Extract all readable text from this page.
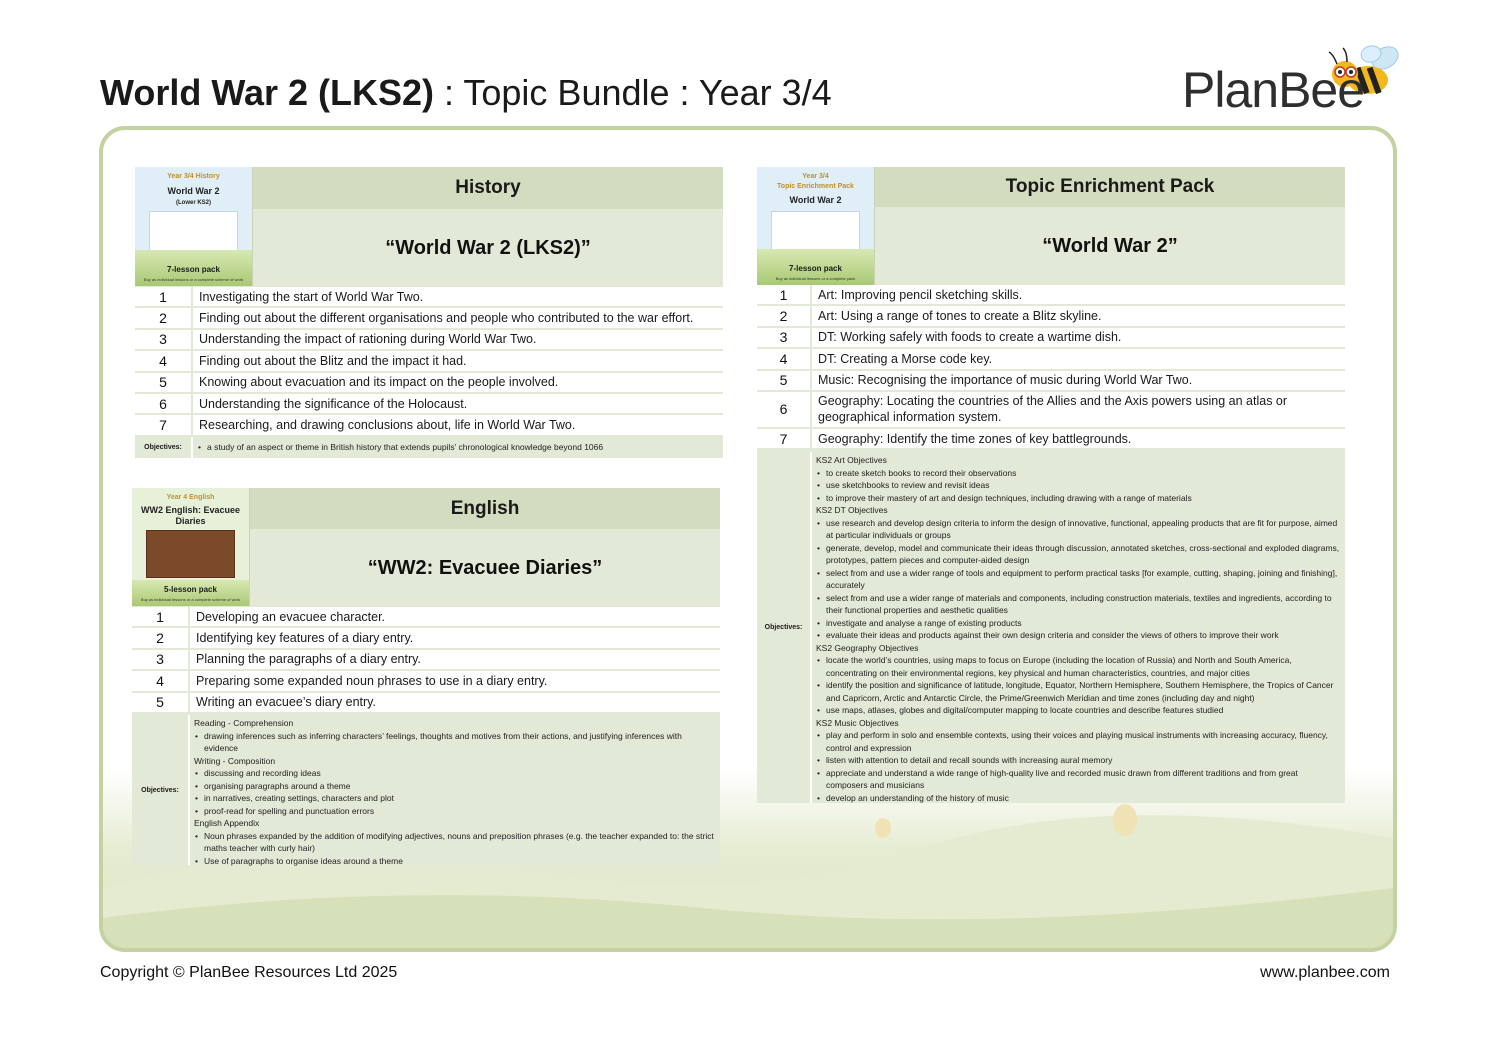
World War 2 (LKS2) : Topic Bundle : Year 3/4	PlanBee
Year 3/4 History
World War 2
(Lower KS2)
7-lesson pack
Buy as individual lessons or a complete scheme of work
History
“World War 2 (LKS2)”
1	Investigating the start of World War Two.
2	Finding out about the different organisations and people who contributed to the war effort.
3	Understanding the impact of rationing during World War Two.
4	Finding out about the Blitz and the impact it had.
5	Knowing about evacuation and its impact on the people involved.
6	Understanding the significance of the Holocaust.
7	Researching, and drawing conclusions about, life in World War Two.
Objectives:
•	a study of an aspect or theme in British history that extends pupils’ chronological knowledge beyond 1066
Year 4 English
WW2 English: Evacuee Diaries
5-lesson pack
Buy as individual lessons or a complete scheme of work
English
“WW2: Evacuee Diaries”
1	Developing an evacuee character.
2	Identifying key features of a diary entry.
3	Planning the paragraphs of a diary entry.
4	Preparing some expanded noun phrases to use in a diary entry.
5	Writing an evacuee’s diary entry.
Objectives:
Reading - Comprehension
• drawing inferences such as inferring characters’ feelings, thoughts and motives from their actions, and justifying inferences with evidence
Writing - Composition
• discussing and recording ideas
• organising paragraphs around a theme
• in narratives, creating settings, characters and plot
• proof-read for spelling and punctuation errors
English Appendix
• Noun phrases expanded by the addition of modifying adjectives, nouns and preposition phrases (e.g. the teacher expanded to: the strict maths teacher with curly hair)
• Use of paragraphs to organise ideas around a theme
Year 3/4
Topic Enrichment Pack
World War 2
7-lesson pack
Buy as individual lessons or a complete pack
Topic Enrichment Pack
“World War 2”
1	Art: Improving pencil sketching skills.
2	Art: Using a range of tones to create a Blitz skyline.
3	DT: Working safely with foods to create a wartime dish.
4	DT: Creating a Morse code key.
5	Music: Recognising the importance of music during World War Two.
6	Geography: Locating the countries of the Allies and the Axis powers using an atlas or geographical information system.
7	Geography: Identify the time zones of key battlegrounds.
Objectives:
KS2 Art Objectives
• to create sketch books to record their observations
• use sketchbooks to review and revisit ideas
• to improve their mastery of art and design techniques, including drawing with a range of materials
KS2 DT Objectives
• use research and develop design criteria to inform the design of innovative, functional, appealing products that are fit for purpose, aimed at particular individuals or groups
• generate, develop, model and communicate their ideas through discussion, annotated sketches, cross-sectional and exploded diagrams, prototypes, pattern pieces and computer-aided design
• select from and use a wider range of tools and equipment to perform practical tasks [for example, cutting, shaping, joining and finishing], accurately
• select from and use a wider range of materials and components, including construction materials, textiles and ingredients, according to their functional properties and aesthetic qualities
• investigate and analyse a range of existing products
• evaluate their ideas and products against their own design criteria and consider the views of others to improve their work
KS2 Geography Objectives
• locate the world’s countries, using maps to focus on Europe (including the location of Russia) and North and South America, concentrating on their environmental regions, key physical and human characteristics, countries, and major cities
• identify the position and significance of latitude, longitude, Equator, Northern Hemisphere, Southern Hemisphere, the Tropics of Cancer and Capricorn, Arctic and Antarctic Circle, the Prime/Greenwich Meridian and time zones (including day and night)
• use maps, atlases, globes and digital/computer mapping to locate countries and describe features studied
KS2 Music Objectives
• play and perform in solo and ensemble contexts, using their voices and playing musical instruments with increasing accuracy, fluency, control and expression
• listen with attention to detail and recall sounds with increasing aural memory
• appreciate and understand a wide range of high-quality live and recorded music drawn from different traditions and from great composers and musicians
• develop an understanding of the history of music
Copyright © PlanBee Resources Ltd 2025	www.planbee.com
